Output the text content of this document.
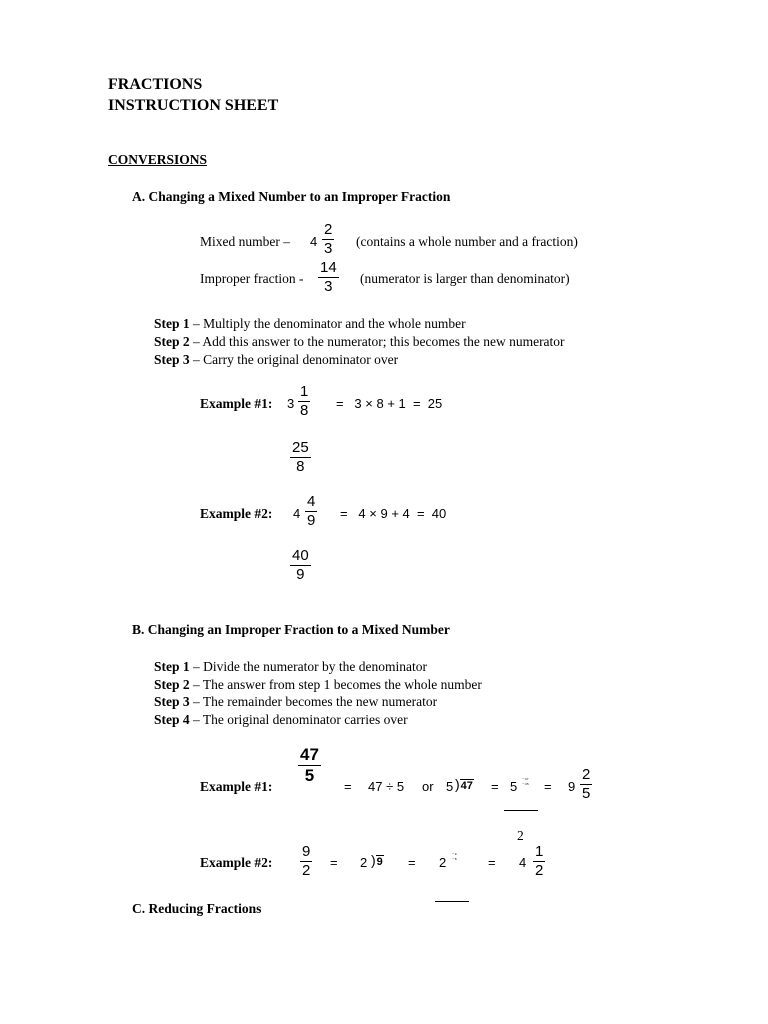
FRACTIONS
INSTRUCTION SHEET
CONVERSIONS
A. Changing a Mixed Number to an Improper Fraction
Mixed number – 4
2
3 (contains a whole number and a fraction)
Improper fraction -
14
3 (numerator is larger than denominator)
Step 1 – Multiply the denominator and the whole number
Step 2 – Add this answer to the numerator; this becomes the new numerator
Step 3 – Carry the original denominator over
Example #1: 3
1
8 =   3 × 8 + 1  =  25
25
8
Example #2: 4
4
9 =   4 × 9 + 4  =  40
40
9
B. Changing an Improper Fraction to a Mixed Number
Step 1 – Divide the numerator by the denominator
Step 2 – The answer from step 1 becomes the whole number
Step 3 – The remainder becomes the new numerator
Step 4 – The original denominator carries over
47
5
Example #1:	= 47 ÷ 5 or 5 )47 = 5 ⁻⁴⁷
⁻⁴⁵ = 9
2
5
2
Example #2:
9
2 = 2 )9 = 2 ⁻⁹
⁻⁸ = 4
1
2
C. Reducing Fractions
